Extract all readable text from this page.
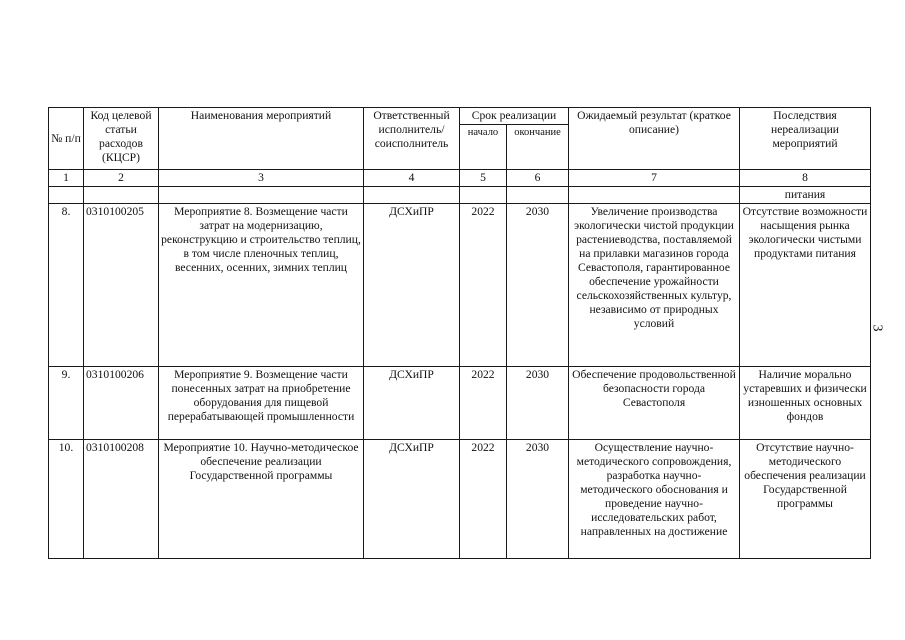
№ п/п	Код целевой статьи расходов (КЦСР)	Наименования мероприятий	Ответственный исполнитель/ соисполнитель	Срок реализации		Ожидаемый результат (краткое описание)	Последствия нереализации мероприятий
				начало	окончание		
1	2	3	4	5	6	7	8
							питания
8.	0310100205	Мероприятие 8. Возмещение части затрат на модернизацию, реконструкцию и строительство теплиц, в том числе пленочных теплиц, весенних, осенних, зимних теплиц	ДСХиПР	2022	2030	Увеличение производства экологически чистой продукции растениеводства, поставляемой на прилавки магазинов города Севастополя, гарантированное обеспечение урожайности сельскохозяйственных культур, независимо от природных условий	Отсутствие возможности насыщения рынка экологически чистыми продуктами питания
9.	0310100206	Мероприятие 9. Возмещение части понесенных затрат на приобретение оборудования для пищевой перерабатывающей промышленности	ДСХиПР	2022	2030	Обеспечение продовольственной безопасности города Севастополя	Наличие морально устаревших и физически изношенных основных фондов
10.	0310100208	Мероприятие 10. Научно-методическое обеспечение реализации Государственной программы	ДСХиПР	2022	2030	Осуществление научно-методического сопровождения, разработка научно-методического обоснования и проведение научно-исследовательских работ, направленных на достижение	Отсутствие научно-методического обеспечения реализации Государственной программы
3
